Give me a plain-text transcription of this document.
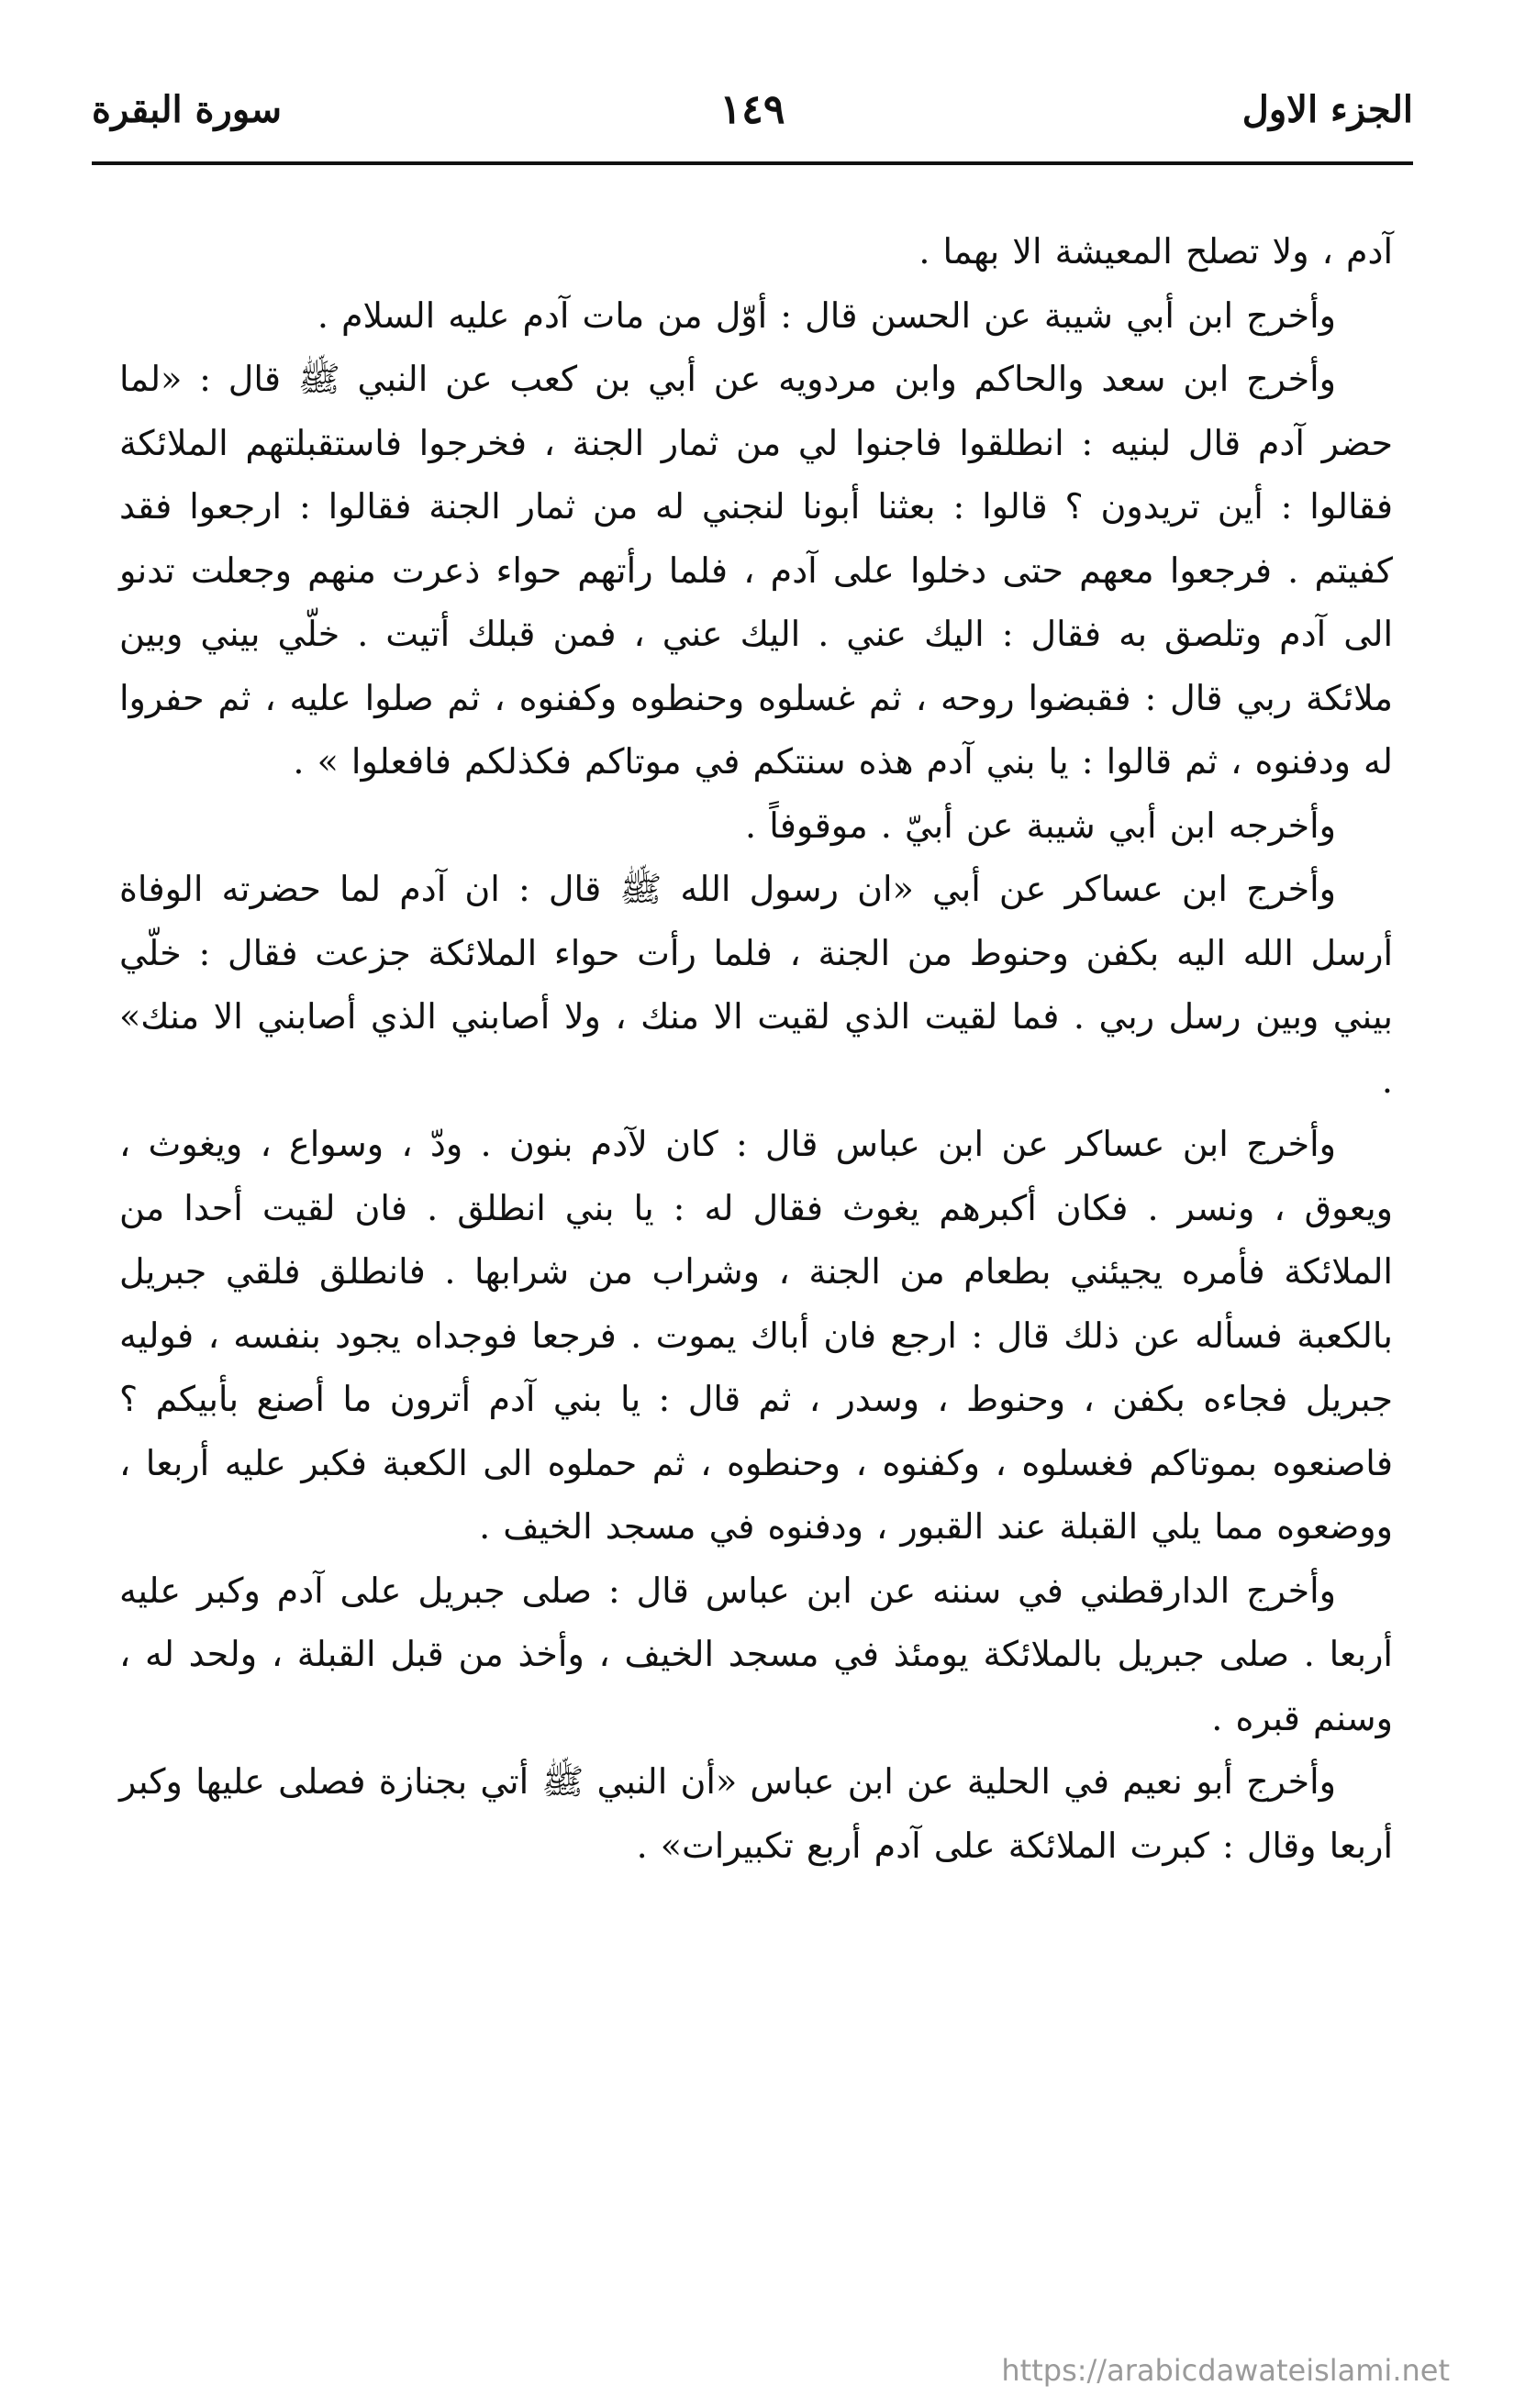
الجزء الاول
١٤٩
سورة البقرة

آدم ، ولا تصلح المعيشة الا بهما .

وأخرج ابن أبي شيبة عن الحسن قال : أوّل من مات آدم عليه السلام .

وأخرج ابن سعد والحاكم وابن مردويه عن أبي بن كعب عن النبي ﷺ قال : «لما حضر آدم قال لبنيه : انطلقوا فاجنوا لي من ثمار الجنة ، فخرجوا فاستقبلتهم الملائكة فقالوا : أين تريدون ؟ قالوا : بعثنا أبونا لنجني له من ثمار الجنة فقالوا : ارجعوا فقد كفيتم . فرجعوا معهم حتى دخلوا على آدم ، فلما رأتهم حواء ذعرت منهم وجعلت تدنو الى آدم وتلصق به فقال : اليك عني . اليك عني ، فمن قبلك أتيت . خلّي بيني وبين ملائكة ربي قال : فقبضوا روحه ، ثم غسلوه وحنطوه وكفنوه ، ثم صلوا عليه ، ثم حفروا له ودفنوه ، ثم قالوا : يا بني آدم هذه سنتكم في موتاكم فكذلكم فافعلوا » .

وأخرجه ابن أبي شيبة عن أبيّ . موقوفاً .

وأخرج ابن عساكر عن أبي «ان رسول الله ﷺ قال : ان آدم لما حضرته الوفاة أرسل الله اليه بكفن وحنوط من الجنة ، فلما رأت حواء الملائكة جزعت فقال : خلّي بيني وبين رسل ربي . فما لقيت الذي لقيت الا منك ، ولا أصابني الذي أصابني الا منك» .

وأخرج ابن عساكر عن ابن عباس قال : كان لآدم بنون . ودّ ، وسواع ، ويغوث ، ويعوق ، ونسر . فكان أكبرهم يغوث فقال له : يا بني انطلق . فان لقيت أحدا من الملائكة فأمره يجيئني بطعام من الجنة ، وشراب من شرابها . فانطلق فلقي جبريل بالكعبة فسأله عن ذلك قال : ارجع فان أباك يموت . فرجعا فوجداه يجود بنفسه ، فوليه جبريل فجاءه بكفن ، وحنوط ، وسدر ، ثم قال : يا بني آدم أترون ما أصنع بأبيكم ؟ فاصنعوه بموتاكم فغسلوه ، وكفنوه ، وحنطوه ، ثم حملوه الى الكعبة فكبر عليه أربعا ، ووضعوه مما يلي القبلة عند القبور ، ودفنوه في مسجد الخيف .

وأخرج الدارقطني في سننه عن ابن عباس قال : صلى جبريل على آدم وكبر عليه أربعا . صلى جبريل بالملائكة يومئذ في مسجد الخيف ، وأخذ من قبل القبلة ، ولحد له ، وسنم قبره .

وأخرج أبو نعيم في الحلية عن ابن عباس «أن النبي ﷺ أتي بجنازة فصلى عليها وكبر أربعا وقال : كبرت الملائكة على آدم أربع تكبيرات» .

https://arabicdawateislami.net
